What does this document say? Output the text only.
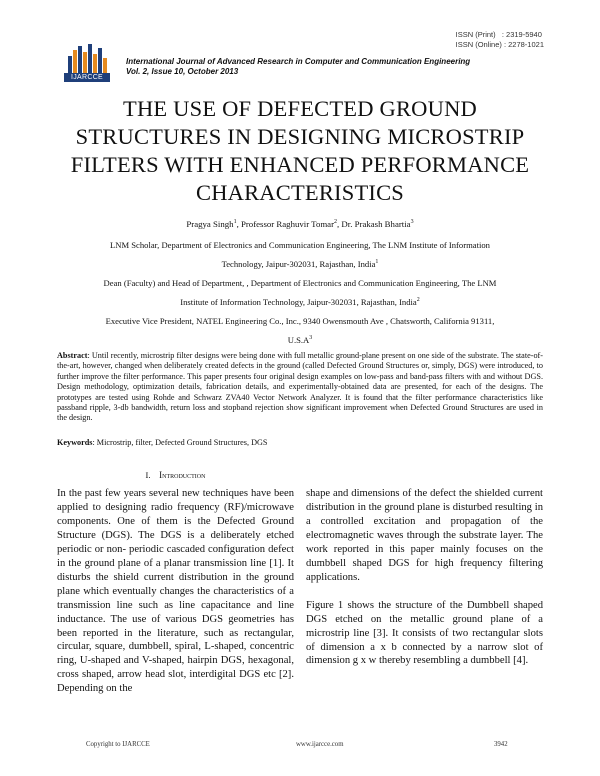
ISSN (Print)   : 2319-5940
ISSN (Online) : 2278-1021
IJARCCE
International Journal of Advanced Research in Computer and Communication Engineering
Vol. 2, Issue 10, October 2013
THE USE OF DEFECTED GROUND
STRUCTURES IN DESIGNING MICROSTRIP
FILTERS WITH ENHANCED PERFORMANCE
CHARACTERISTICS
Pragya Singh$^1$, Professor Raghuvir Tomar$^2$, Dr. Prakash Bhartia$^3$
LNM Scholar, Department of Electronics and Communication Engineering, The LNM Institute of Information
Technology, Jaipur-302031, Rajasthan, India$^1$
Dean (Faculty) and Head of Department, , Department of Electronics and Communication Engineering, The LNM
Institute of Information Technology, Jaipur-302031, Rajasthan, India$^2$
Executive Vice President, NATEL Engineering Co., Inc., 9340 Owensmouth Ave , Chatsworth, California 91311,
$U.S.A^3$
Abstract: Until recently, microstrip filter designs were being done with full metallic ground-plane present on one side of the substrate. The state-of-the-art, however, changed when deliberately created defects in the ground (called Defected Ground Structures or, simply, DGS) were introduced, to further improve the filter performance. This paper presents four original design examples on low-pass and band-pass filters with and without DGS. Design methodology, optimization details, fabrication details, and experimentally-obtained data are presented, for each of the designs. The prototypes are tested using Rohde and Schwarz ZVA40 Vector Network Analyzer. It is found that the filter performance characteristics like passband ripple, 3-db bandwidth, return loss and stopband rejection show significant improvement when Defected Ground Structures are used in the design.
Keywords: Microstrip, filter, Defected Ground Structures, DGS
I. Introduction

In the past few years several new techniques have been applied to designing radio frequency (RF)/microwave components. One of them is the Defected Ground Structure (DGS). The DGS is a deliberately etched periodic or non- periodic cascaded configuration defect in the ground plane of a planar transmission line [1]. It disturbs the shield current distribution in the ground plane which eventually changes the characteristics of a transmission line such as line capacitance and line inductance. The use of various DGS geometries has been reported in the literature, such as rectangular, circular, square, dumbbell, spiral, L-shaped, concentric ring, U-shaped and V-shaped, hairpin DGS, hexagonal, cross shaped, arrow head slot, interdigital DGS etc [2]. Depending on the

shape and dimensions of the defect the shielded current distribution in the ground plane is disturbed resulting in a controlled excitation and propagation of the electromagnetic waves through the substrate layer. The work reported in this paper mainly focuses on the dumbbell shaped DGS for high frequency filtering applications.

Figure 1 shows the structure of the Dumbbell shaped DGS etched on the metallic ground plane of a microstrip line [3]. It consists of two rectangular slots of dimension a x b connected by a narrow slot of dimension g x w thereby resembling a dumbbell [4].

Copyright to IJARCCE	www.ijarcce.com	3942
